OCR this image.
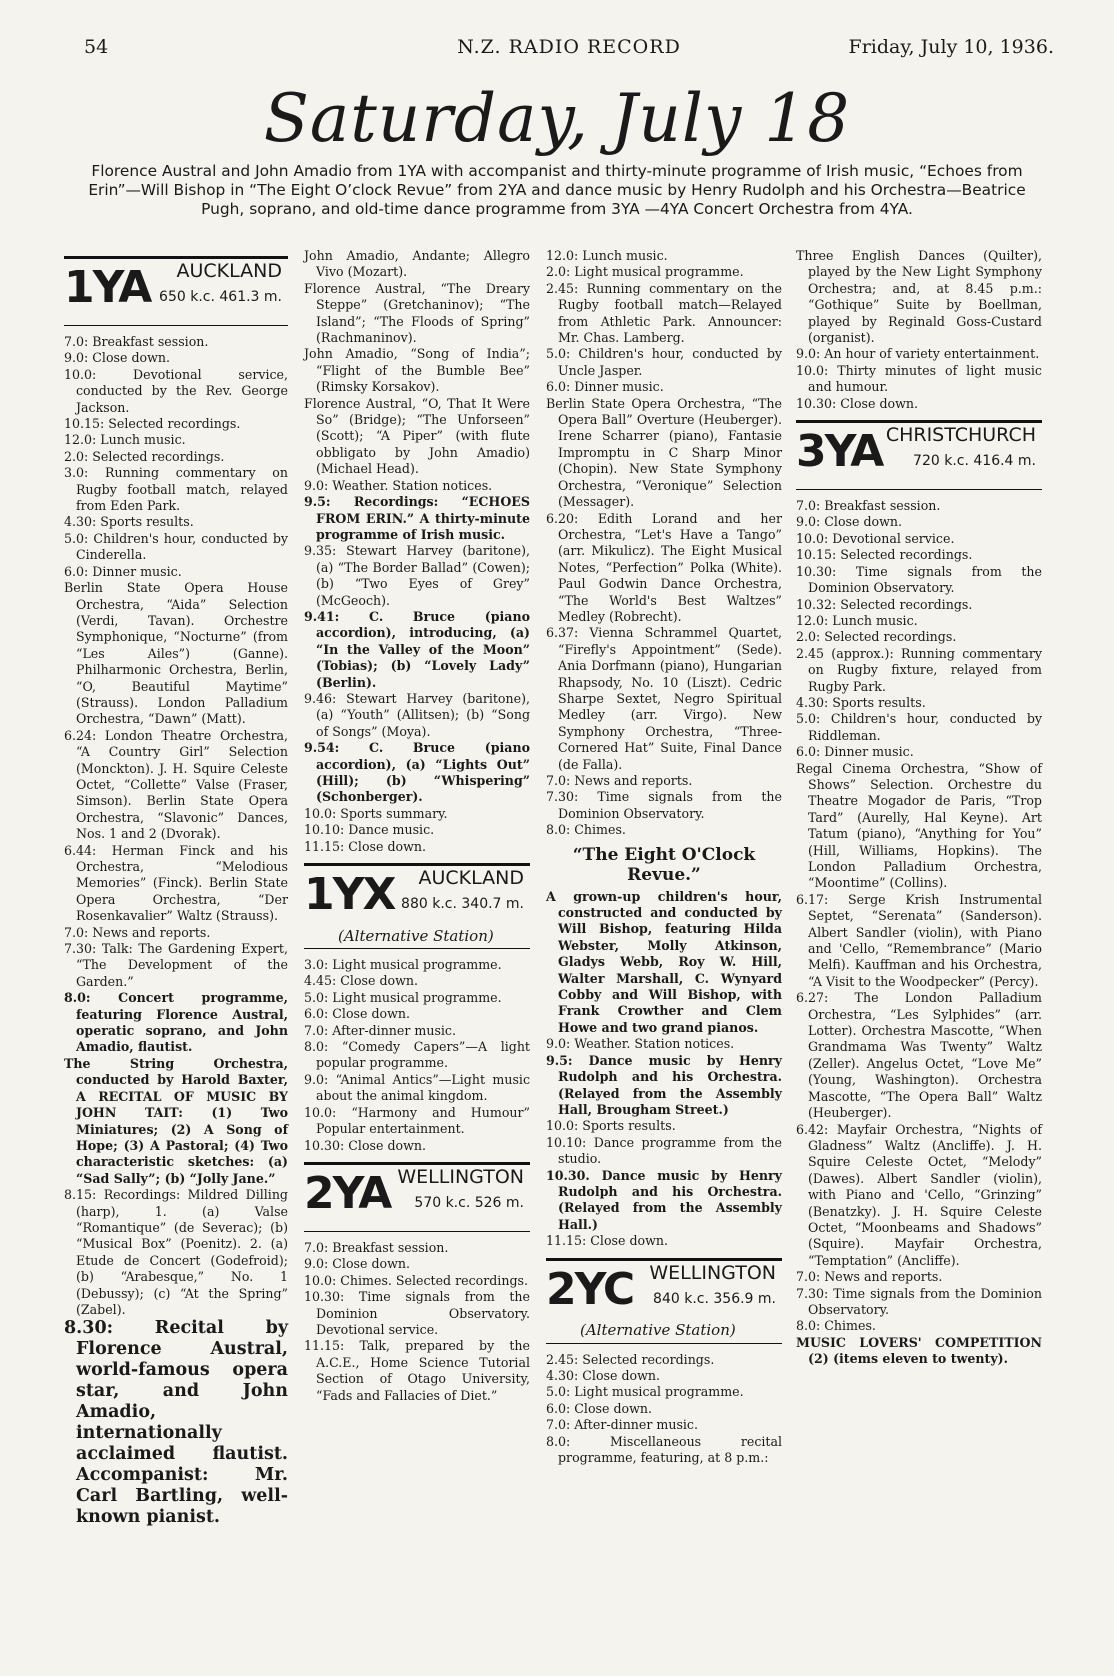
54	N.Z. RADIO RECORD	Friday, July 10, 1936.
Saturday, July 18
Florence Austral and John Amadio from 1YA with accompanist and thirty-minute programme of Irish music, “Echoes from Erin”—Will Bishop in “The Eight O’clock Revue” from 2YA and dance music by Henry Rudolph and his Orchestra—Beatrice Pugh, soprano, and old-time dance programme from 3YA —4YA Concert Orchestra from 4YA.
1YA AUCKLAND
650 k.c. 461.3 m.

7.0: Breakfast session.

9.0: Close down.

10.0: Devotional service, conducted by the Rev. George Jackson.

10.15: Selected recordings.

12.0: Lunch music.

2.0: Selected recordings.

3.0: Running commentary on Rugby football match, relayed from Eden Park.

4.30: Sports results.

5.0: Children's hour, conducted by Cinderella.

6.0: Dinner music.

Berlin State Opera House Orchestra, “Aida” Selection (Verdi, Tavan). Orchestre Symphonique, “Nocturne” (from “Les Ailes”) (Ganne). Philharmonic Orchestra, Berlin, “O, Beautiful Maytime” (Strauss). London Palladium Orchestra, “Dawn” (Matt).

6.24: London Theatre Orchestra, “A Country Girl” Selection (Monckton). J. H. Squire Celeste Octet, “Collette” Valse (Fraser, Simson). Berlin State Opera Orchestra, “Slavonic” Dances, Nos. 1 and 2 (Dvorak).

6.44: Herman Finck and his Orchestra, “Melodious Memories” (Finck). Berlin State Opera Orchestra, “Der Rosenkavalier” Waltz (Strauss).

7.0: News and reports.

7.30: Talk: The Gardening Expert, “The Development of the Garden.”

8.0: Concert programme, featuring Florence Austral, operatic soprano, and John Amadio, flautist.

The String Orchestra, conducted by Harold Baxter, A RECITAL OF MUSIC BY JOHN TAIT: (1) Two Miniatures; (2) A Song of Hope; (3) A Pastoral; (4) Two characteristic sketches: (a) “Sad Sally”; (b) “Jolly Jane.”

8.15: Recordings: Mildred Dilling (harp), 1. (a) Valse “Romantique” (de Severac); (b) “Musical Box” (Poenitz). 2. (a) Etude de Concert (Godefroid); (b) “Arabesque,” No. 1 (Debussy); (c) “At the Spring” (Zabel).

8.30: Recital by Florence Austral, world-famous opera star, and John Amadio, internationally acclaimed flautist. Accompanist: Mr. Carl Bartling, well-known pianist.

John Amadio, Andante; Allegro Vivo (Mozart).

Florence Austral, “The Dreary Steppe” (Gretchaninov); “The Island”; “The Floods of Spring” (Rachmaninov).

John Amadio, “Song of India”; “Flight of the Bumble Bee” (Rimsky Korsakov).

Florence Austral, “O, That It Were So” (Bridge); “The Unforseen” (Scott); “A Piper” (with flute obbligato by John Amadio) (Michael Head).

9.0: Weather. Station notices.

9.5: Recordings: “ECHOES FROM ERIN.” A thirty-minute programme of Irish music.

9.35: Stewart Harvey (baritone), (a) “The Border Ballad” (Cowen); (b) “Two Eyes of Grey” (McGeoch).

9.41: C. Bruce (piano accordion), introducing, (a) “In the Valley of the Moon” (Tobias); (b) “Lovely Lady” (Berlin).

9.46: Stewart Harvey (baritone), (a) “Youth” (Allitsen); (b) “Song of Songs” (Moya).

9.54: C. Bruce (piano accordion), (a) “Lights Out” (Hill); (b) “Whispering” (Schonberger).

10.0: Sports summary.

10.10: Dance music.

11.15: Close down.

1YX AUCKLAND
880 k.c. 340.7 m.
(Alternative Station)

3.0: Light musical programme.

4.45: Close down.

5.0: Light musical programme.

6.0: Close down.

7.0: After-dinner music.

8.0: “Comedy Capers”—A light popular programme.

9.0: “Animal Antics”—Light music about the animal kingdom.

10.0: “Harmony and Humour” Popular entertainment.

10.30: Close down.

2YA WELLINGTON
570 k.c. 526 m.

7.0: Breakfast session.

9.0: Close down.

10.0: Chimes. Selected recordings.

10.30: Time signals from the Dominion Observatory. Devotional service.

11.15: Talk, prepared by the A.C.E., Home Science Tutorial Section of Otago University, “Fads and Fallacies of Diet.”

12.0: Lunch music.

2.0: Light musical programme.

2.45: Running commentary on the Rugby football match—Relayed from Athletic Park. Announcer: Mr. Chas. Lamberg.

5.0: Children's hour, conducted by Uncle Jasper.

6.0: Dinner music.

Berlin State Opera Orchestra, “The Opera Ball” Overture (Heuberger). Irene Scharrer (piano), Fantasie Impromptu in C Sharp Minor (Chopin). New State Symphony Orchestra, “Veronique” Selection (Messager).

6.20: Edith Lorand and her Orchestra, “Let's Have a Tango” (arr. Mikulicz). The Eight Musical Notes, “Perfection” Polka (White). Paul Godwin Dance Orchestra, “The World's Best Waltzes” Medley (Robrecht).

6.37: Vienna Schrammel Quartet, “Firefly's Appointment” (Sede). Ania Dorfmann (piano), Hungarian Rhapsody, No. 10 (Liszt). Cedric Sharpe Sextet, Negro Spiritual Medley (arr. Virgo). New Symphony Orchestra, “Three-Cornered Hat” Suite, Final Dance (de Falla).

7.0: News and reports.

7.30: Time signals from the Dominion Observatory.

8.0: Chimes.

“The Eight O'Clock Revue.”

A grown-up children's hour, constructed and conducted by Will Bishop, featuring Hilda Webster, Molly Atkinson, Gladys Webb, Roy W. Hill, Walter Marshall, C. Wynyard Cobby and Will Bishop, with Frank Crowther and Clem Howe and two grand pianos.

9.0: Weather. Station notices.

9.5: Dance music by Henry Rudolph and his Orchestra. (Relayed from the Assembly Hall, Brougham Street.)

10.0: Sports results.

10.10: Dance programme from the studio.

10.30. Dance music by Henry Rudolph and his Orchestra. (Relayed from the Assembly Hall.)

11.15: Close down.

2YC WELLINGTON
840 k.c. 356.9 m.
(Alternative Station)

2.45: Selected recordings.

4.30: Close down.

5.0: Light musical programme.

6.0: Close down.

7.0: After-dinner music.

8.0: Miscellaneous recital programme, featuring, at 8 p.m.:

Three English Dances (Quilter), played by the New Light Symphony Orchestra; and, at 8.45 p.m.: “Gothique” Suite by Boellman, played by Reginald Goss-Custard (organist).

9.0: An hour of variety entertainment.

10.0: Thirty minutes of light music and humour.

10.30: Close down.

3YA CHRISTCHURCH
720 k.c. 416.4 m.

7.0: Breakfast session.

9.0: Close down.

10.0: Devotional service.

10.15: Selected recordings.

10.30: Time signals from the Dominion Observatory.

10.32: Selected recordings.

12.0: Lunch music.

2.0: Selected recordings.

2.45 (approx.): Running commentary on Rugby fixture, relayed from Rugby Park.

4.30: Sports results.

5.0: Children's hour, conducted by Riddleman.

6.0: Dinner music.

Regal Cinema Orchestra, “Show of Shows” Selection. Orchestre du Theatre Mogador de Paris, “Trop Tard” (Aurelly, Hal Keyne). Art Tatum (piano), “Anything for You” (Hill, Williams, Hopkins). The London Palladium Orchestra, “Moontime” (Collins).

6.17: Serge Krish Instrumental Septet, “Serenata” (Sanderson). Albert Sandler (violin), with Piano and 'Cello, “Remembrance” (Mario Melfi). Kauffman and his Orchestra, “A Visit to the Woodpecker” (Percy).

6.27: The London Palladium Orchestra, “Les Sylphides” (arr. Lotter). Orchestra Mascotte, “When Grandmama Was Twenty” Waltz (Zeller). Angelus Octet, “Love Me” (Young, Washington). Orchestra Mascotte, “The Opera Ball” Waltz (Heuberger).

6.42: Mayfair Orchestra, “Nights of Gladness” Waltz (Ancliffe). J. H. Squire Celeste Octet, “Melody” (Dawes). Albert Sandler (violin), with Piano and 'Cello, “Grinzing” (Benatzky). J. H. Squire Celeste Octet, “Moonbeams and Shadows” (Squire). Mayfair Orchestra, “Temptation” (Ancliffe).

7.0: News and reports.

7.30: Time signals from the Dominion Observatory.

8.0: Chimes.

MUSIC LOVERS' COMPETITION (2) (items eleven to twenty).
